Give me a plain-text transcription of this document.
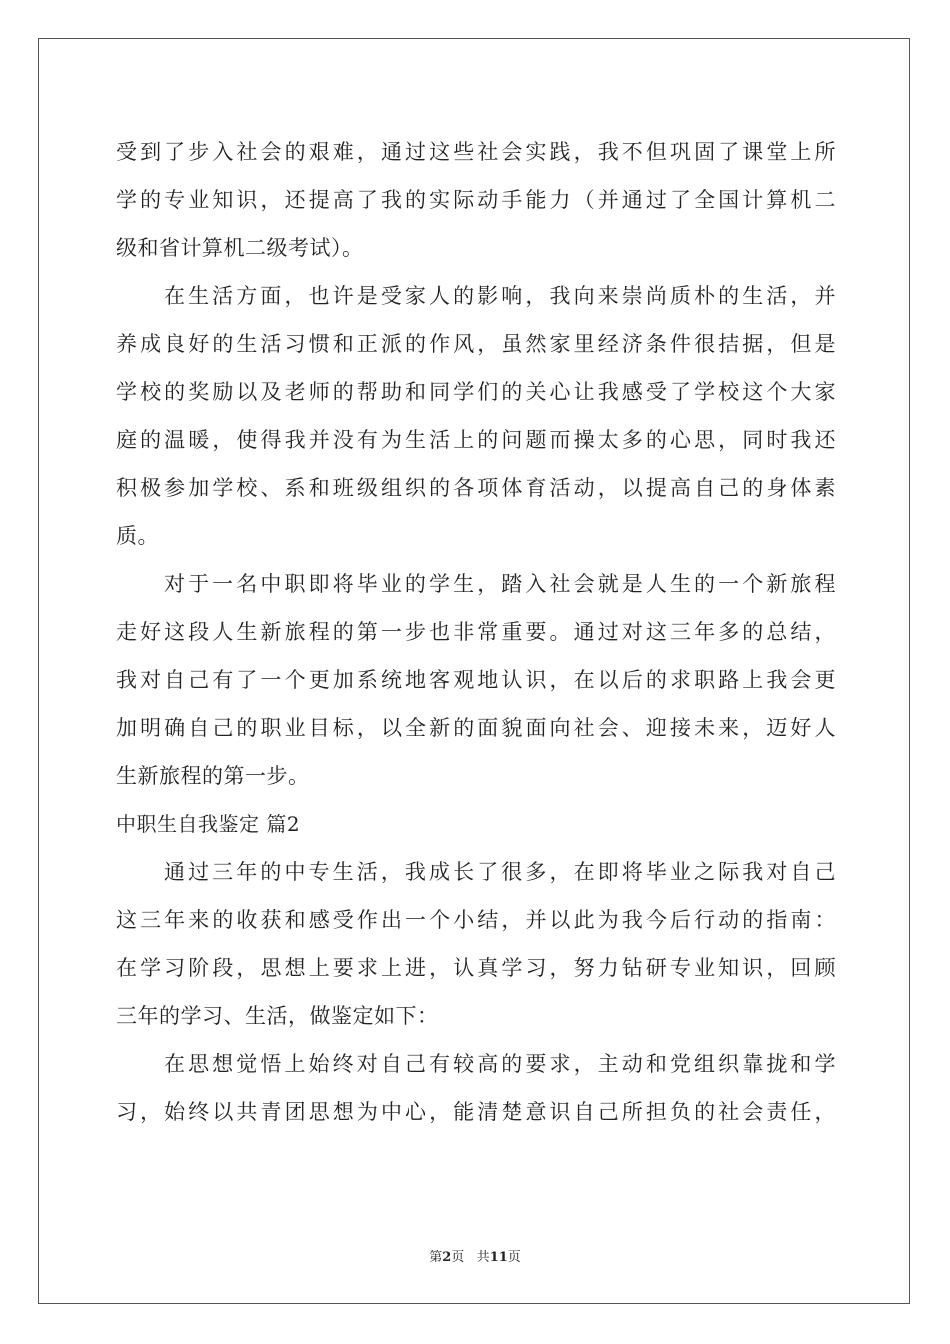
受到了步入社会的艰难，通过这些社会实践，我不但巩固了课堂上所
学的专业知识，还提高了我的实际动手能力（并通过了全国计算机二
级和省计算机二级考试）。
在生活方面，也许是受家人的影响，我向来崇尚质朴的生活，并
养成良好的生活习惯和正派的作风，虽然家里经济条件很拮据，但是
学校的奖励以及老师的帮助和同学们的关心让我感受了学校这个大家
庭的温暖，使得我并没有为生活上的问题而操太多的心思，同时我还
积极参加学校、系和班级组织的各项体育活动，以提高自己的身体素
质。
对于一名中职即将毕业的学生，踏入社会就是人生的一个新旅程
走好这段人生新旅程的第一步也非常重要。通过对这三年多的总结，
我对自己有了一个更加系统地客观地认识，在以后的求职路上我会更
加明确自己的职业目标，以全新的面貌面向社会、迎接未来，迈好人
生新旅程的第一步。
中职生自我鉴定 篇2
通过三年的中专生活，我成长了很多，在即将毕业之际我对自己
这三年来的收获和感受作出一个小结，并以此为我今后行动的指南：
在学习阶段，思想上要求上进，认真学习，努力钻研专业知识，回顾
三年的学习、生活，做鉴定如下：
在思想觉悟上始终对自己有较高的要求，主动和党组织靠拢和学
习，始终以共青团思想为中心，能清楚意识自己所担负的社会责任，
第2页 共11页
